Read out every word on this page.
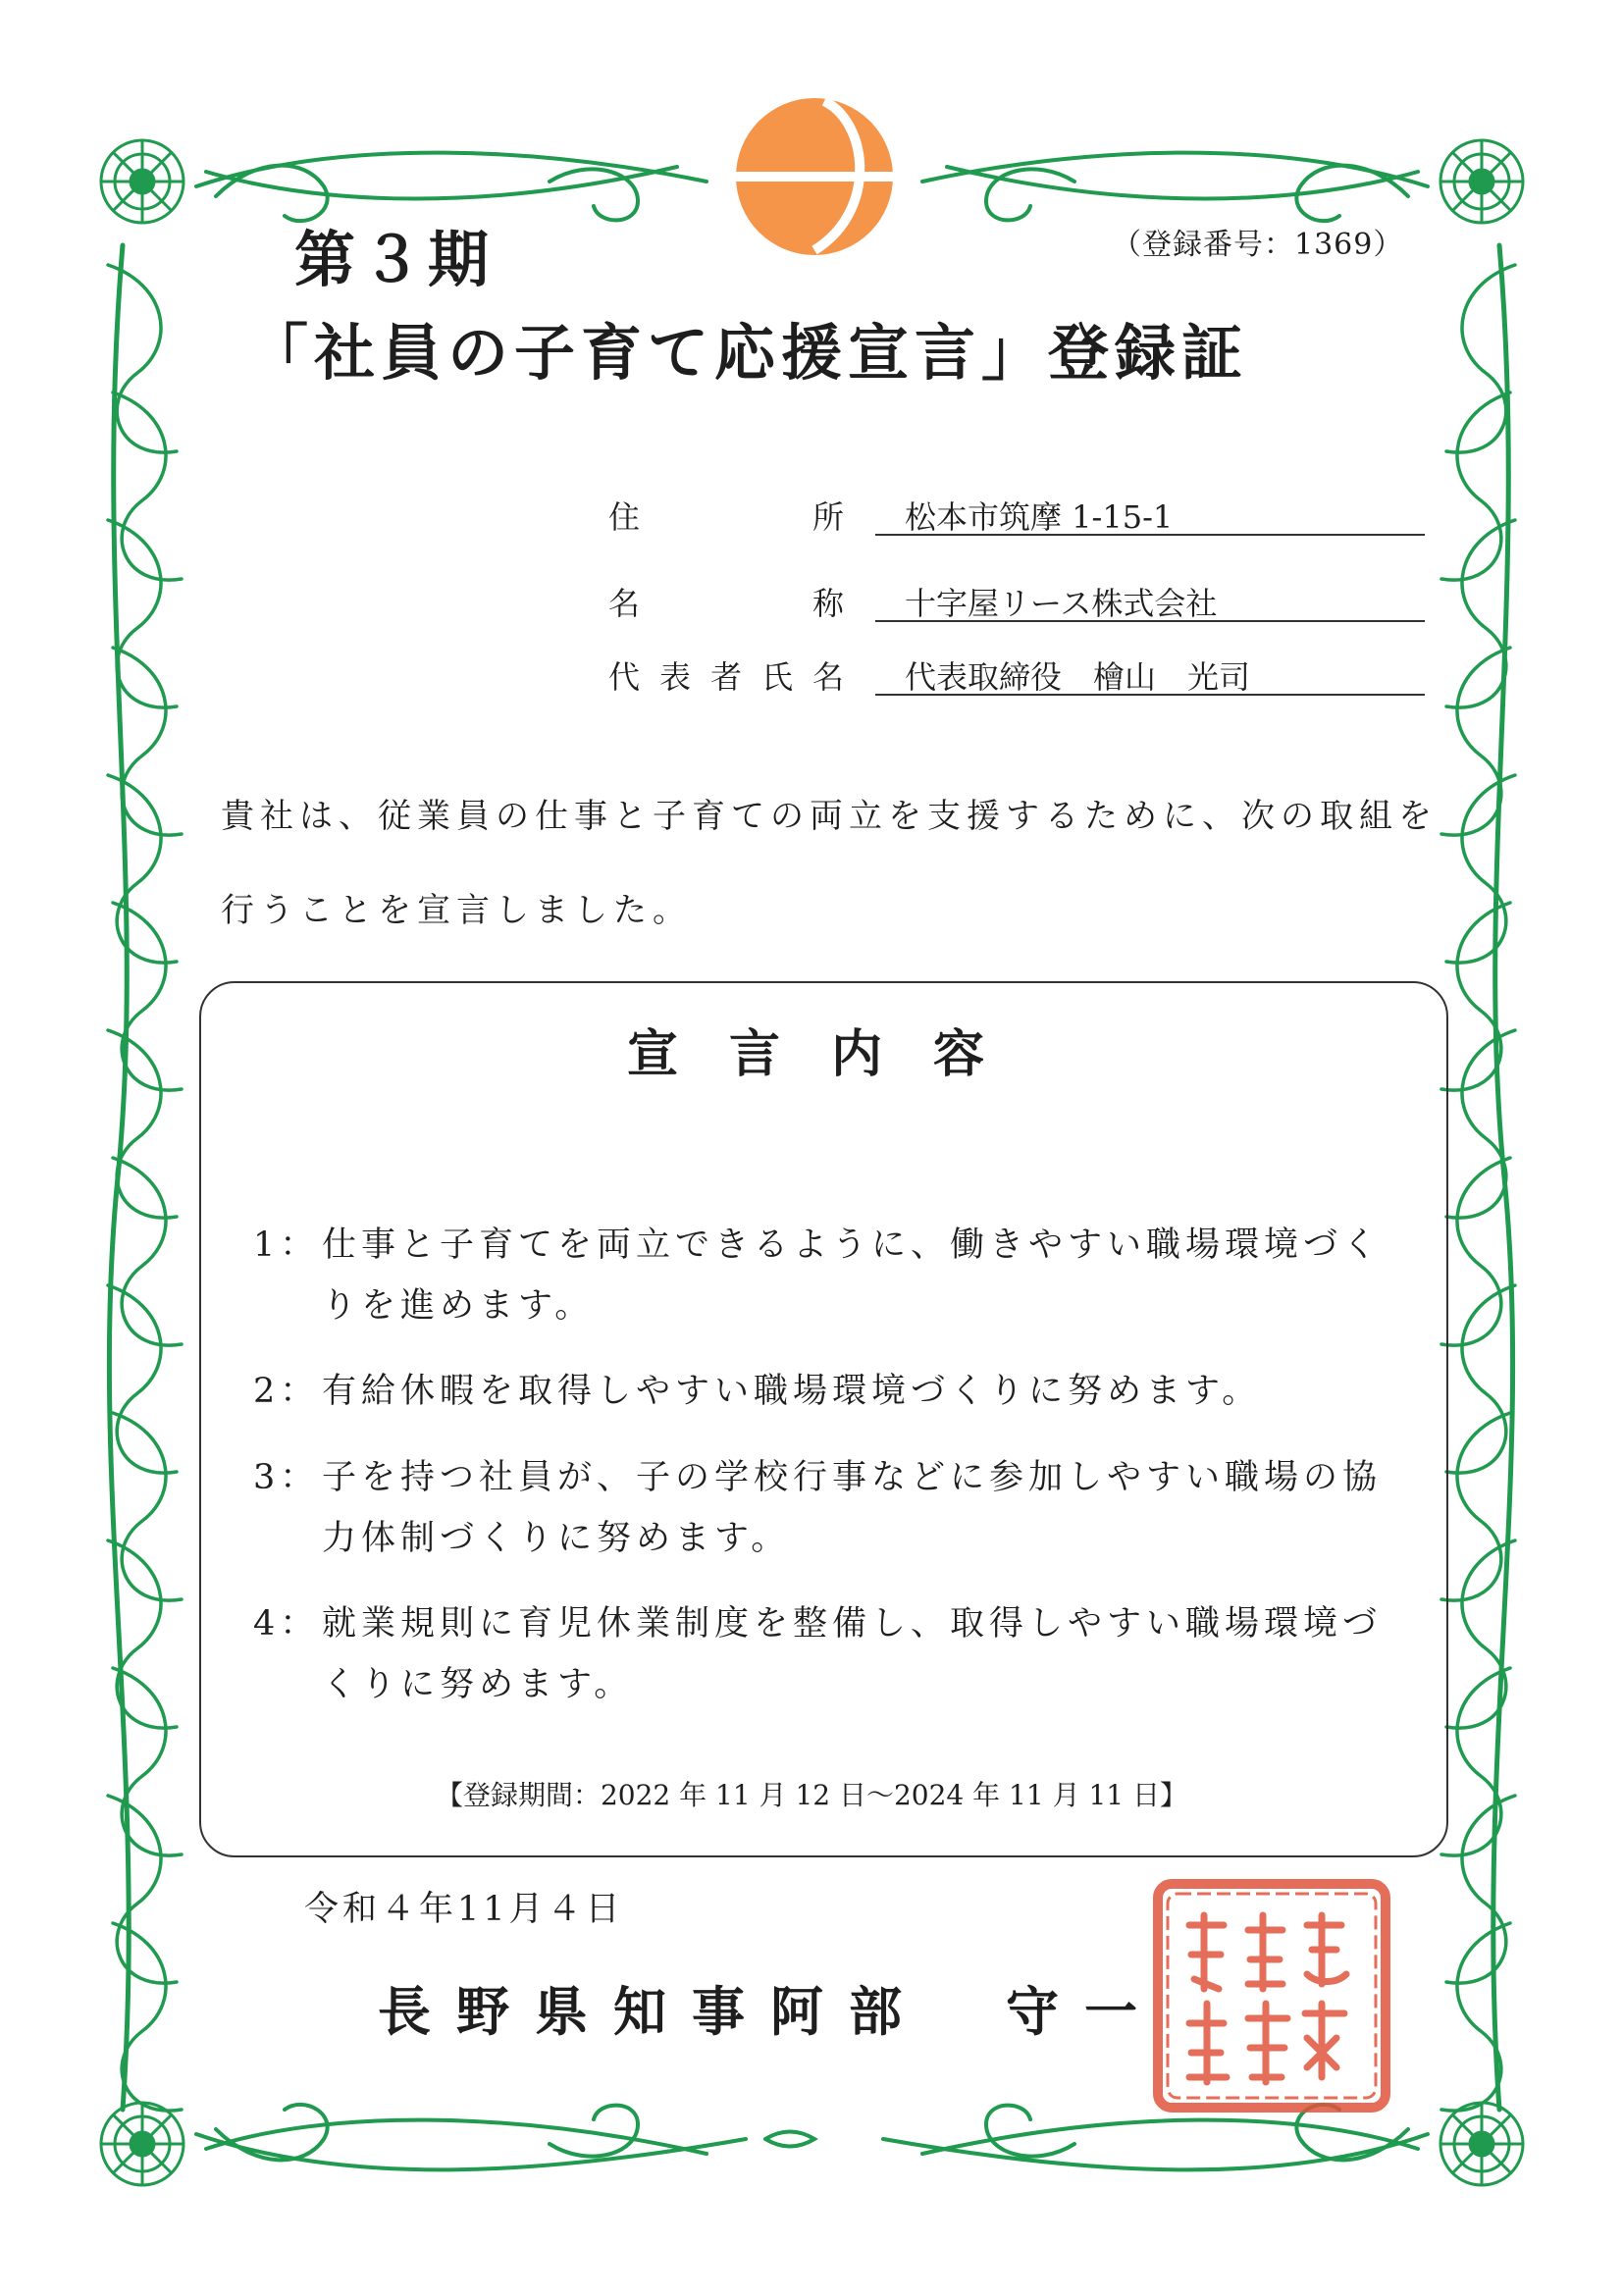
第３期	（登録番号：1369）
「社員の子育て応援宣言」登録証
住	所	松本市筑摩 1-15-1
名	称	十字屋リース株式会社
代 表 者 氏 名	代表取締役　檜山　光司
貴社は、従業員の仕事と子育ての両立を支援するために、次の取組を
行うことを宣言しました。
宣言内容
1： 仕事と子育てを両立できるように、働きやすい職場環境づくりを進めます。
2： 有給休暇を取得しやすい職場環境づくりに努めます。
3： 子を持つ社員が、子の学校行事などに参加しやすい職場の協力体制づくりに努めます。
4： 就業規則に育児休業制度を整備し、取得しやすい職場環境づくりに努めます。
【登録期間：2022 年 11 月 12 日～2024 年 11 月 11 日】
令和４年11月４日
長野県知事阿部　守一
